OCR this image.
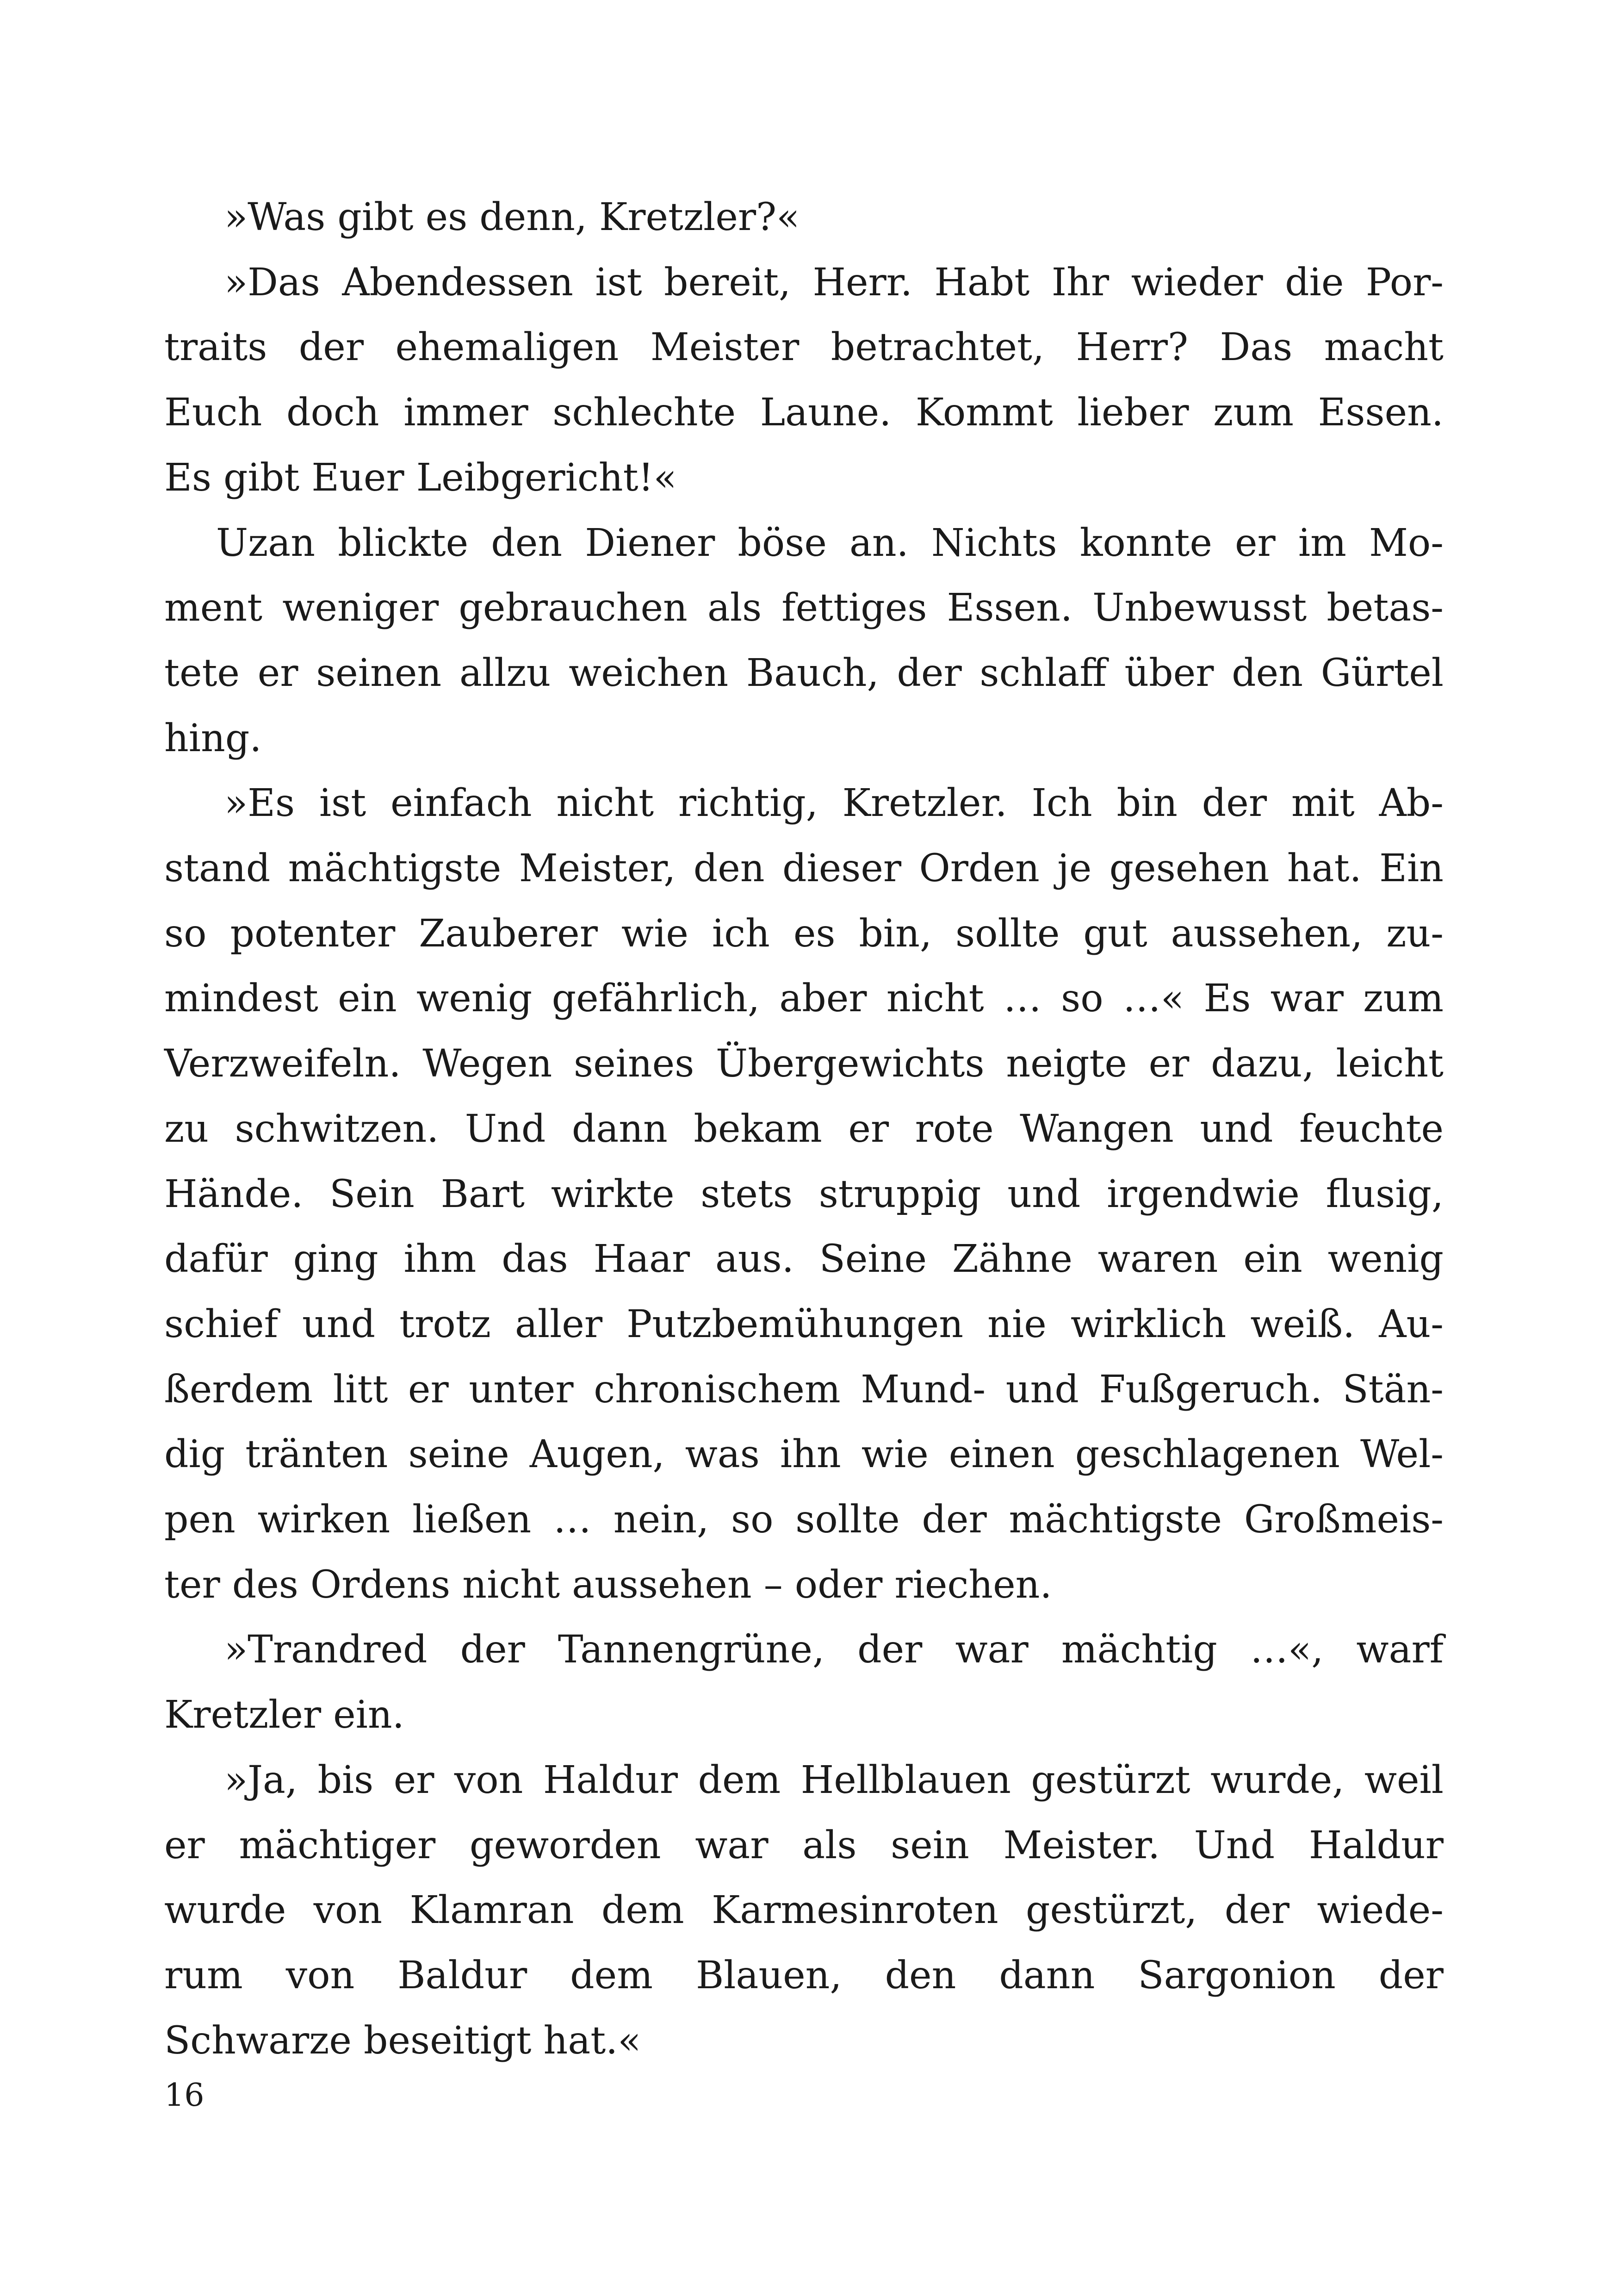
»Was gibt es denn, Kretzler?«
»Das Abendessen ist bereit, Herr. Habt Ihr wieder die Por-
traits der ehemaligen Meister betrachtet, Herr? Das macht
Euch doch immer schlechte Laune. Kommt lieber zum Essen.
Es gibt Euer Leibgericht!«
Uzan blickte den Diener böse an. Nichts konnte er im Mo-
ment weniger gebrauchen als fettiges Essen. Unbewusst betas-
tete er seinen allzu weichen Bauch, der schlaff über den Gürtel
hing.
»Es ist einfach nicht richtig, Kretzler. Ich bin der mit Ab-
stand mächtigste Meister, den dieser Orden je gesehen hat. Ein
so potenter Zauberer wie ich es bin, sollte gut aussehen, zu-
mindest ein wenig gefährlich, aber nicht … so …« Es war zum
Verzweifeln. Wegen seines Übergewichts neigte er dazu, leicht
zu schwitzen. Und dann bekam er rote Wangen und feuchte
Hände. Sein Bart wirkte stets struppig und irgendwie flusig,
dafür ging ihm das Haar aus. Seine Zähne waren ein wenig
schief und trotz aller Putzbemühungen nie wirklich weiß. Au-
ßerdem litt er unter chronischem Mund- und Fußgeruch. Stän-
dig tränten seine Augen, was ihn wie einen geschlagenen Wel-
pen wirken ließen … nein, so sollte der mächtigste Großmeis-
ter des Ordens nicht aussehen – oder riechen.
»Trandred der Tannengrüne, der war mächtig …«, warf
Kretzler ein.
»Ja, bis er von Haldur dem Hellblauen gestürzt wurde, weil
er mächtiger geworden war als sein Meister. Und Haldur
wurde von Klamran dem Karmesinroten gestürzt, der wiede-
rum von Baldur dem Blauen, den dann Sargonion der
Schwarze beseitigt hat.«
16
